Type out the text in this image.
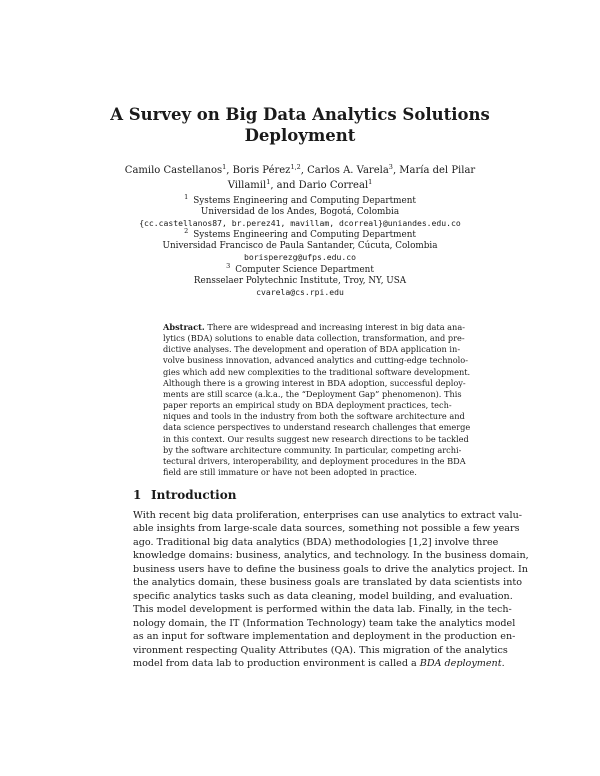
A Survey on Big Data Analytics Solutions
Deployment
Camilo Castellanos$^1$, Boris Pérez$^{1,2}$, Carlos A. Varela$^3$, María del Pilar
Villamil$^1$, and Dario Correal$^1$
$^1$ Systems Engineering and Computing Department
Universidad de los Andes, Bogotá, Colombia
{cc.castellanos87, br.perez41, mavillam, dcorreal}@uniandes.edu.co
$^2$ Systems Engineering and Computing Department
Universidad Francisco de Paula Santander, Cúcuta, Colombia
borisperezg@ufps.edu.co
$^3$ Computer Science Department
Rensselaer Polytechnic Institute, Troy, NY, USA
cvarela@cs.rpi.edu
Abstract. There are widespread and increasing interest in big data ana-
lytics (BDA) solutions to enable data collection, transformation, and pre-
dictive analyses. The development and operation of BDA application in-
volve business innovation, advanced analytics and cutting-edge technolo-
gies which add new complexities to the traditional software development.
Although there is a growing interest in BDA adoption, successful deploy-
ments are still scarce (a.k.a., the “Deployment Gap” phenomenon). This
paper reports an empirical study on BDA deployment practices, tech-
niques and tools in the industry from both the software architecture and
data science perspectives to understand research challenges that emerge
in this context. Our results suggest new research directions to be tackled
by the software architecture community. In particular, competing archi-
tectural drivers, interoperability, and deployment procedures in the BDA
field are still immature or have not been adopted in practice.
1 Introduction
With recent big data proliferation, enterprises can use analytics to extract valu-
able insights from large-scale data sources, something not possible a few years
ago. Traditional big data analytics (BDA) methodologies [1,2] involve three
knowledge domains: business, analytics, and technology. In the business domain,
business users have to define the business goals to drive the analytics project. In
the analytics domain, these business goals are translated by data scientists into
specific analytics tasks such as data cleaning, model building, and evaluation.
This model development is performed within the data lab. Finally, in the tech-
nology domain, the IT (Information Technology) team take the analytics model
as an input for software implementation and deployment in the production en-
vironment respecting Quality Attributes (QA). This migration of the analytics
model from data lab to production environment is called a BDA deployment.
